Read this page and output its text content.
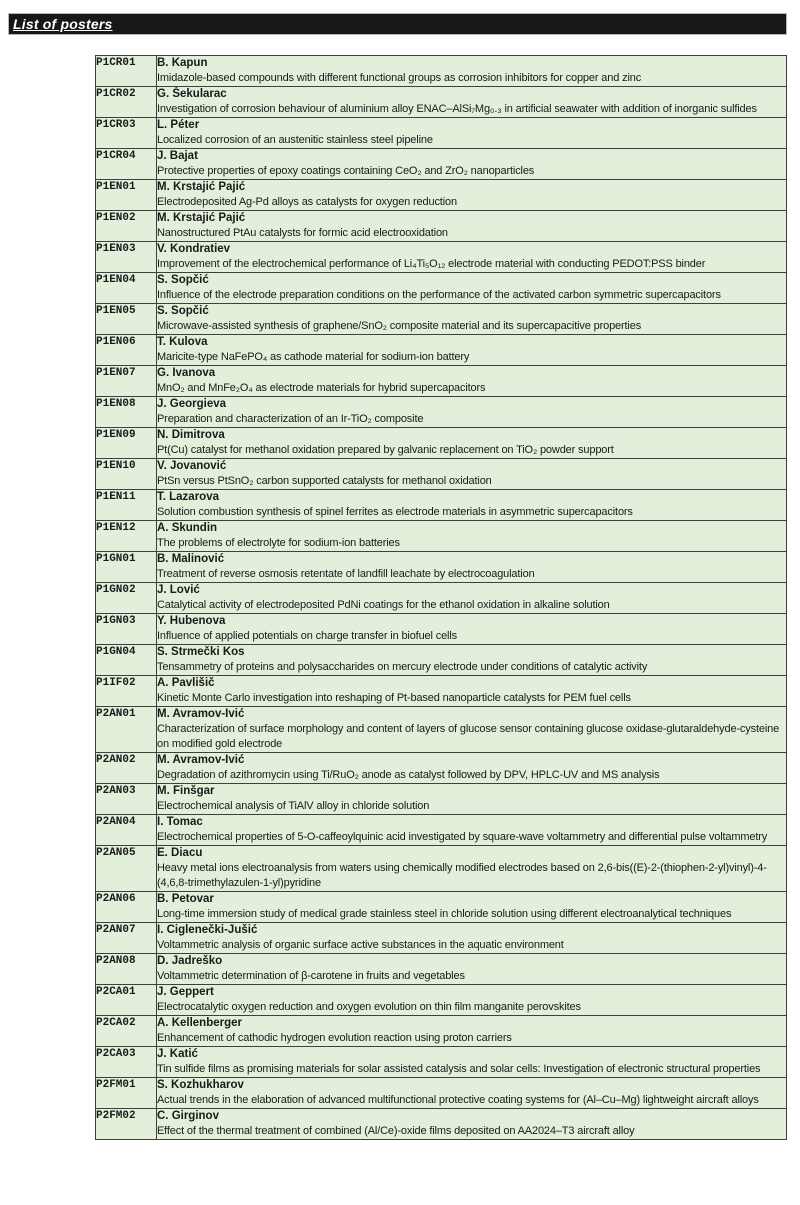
List of posters
P1CR01	B. Kapun
Imidazole-based compounds with different functional groups as corrosion inhibitors for copper and zinc

P1CR02	G. Šekularac
Investigation of corrosion behaviour of aluminium alloy ENAC–AlSi₇Mg₀.₃ in artificial seawater with addition of inorganic sulfides

P1CR03	L. Péter
Localized corrosion of an austenitic stainless steel pipeline

P1CR04	J. Bajat
Protective properties of epoxy coatings containing CeO₂ and ZrO₂ nanoparticles

P1EN01	M. Krstajić Pajić
Electrodeposited Ag-Pd alloys as catalysts for oxygen reduction

P1EN02	M. Krstajić Pajić
Nanostructured PtAu catalysts for formic acid electrooxidation

P1EN03	V. Kondratiev
Improvement of the electrochemical performance of Li₄Ti₅O₁₂ electrode material with conducting PEDOT:PSS binder

P1EN04	S. Sopčić
Influence of the electrode preparation conditions on the performance of the activated carbon symmetric supercapacitors

P1EN05	S. Sopčić
Microwave-assisted synthesis of graphene/SnO₂ composite material and its supercapacitive properties

P1EN06	T. Kulova
Maricite-type NaFePO₄ as cathode material for sodium-ion battery

P1EN07	G. Ivanova
MnO₂ and MnFe₂O₄ as electrode materials for hybrid supercapacitors

P1EN08	J. Georgieva
Preparation and characterization of an Ir-TiO₂ composite

P1EN09	N. Dimitrova
Pt(Cu) catalyst for methanol oxidation prepared by galvanic replacement on TiO₂ powder support

P1EN10	V. Jovanović
PtSn versus PtSnO₂ carbon supported catalysts for methanol oxidation

P1EN11	T. Lazarova
Solution combustion synthesis of spinel ferrites as electrode materials in asymmetric supercapacitors

P1EN12	A. Skundin
The problems of electrolyte for sodium-ion batteries

P1GN01	B. Malinović
Treatment of reverse osmosis retentate of landfill leachate by electrocoagulation

P1GN02	J. Lović
Catalytical activity of electrodeposited PdNi coatings for the ethanol oxidation in alkaline solution

P1GN03	Y. Hubenova
Influence of applied potentials on charge transfer in biofuel cells

P1GN04	S. Strmečki Kos
Tensammetry of proteins and polysaccharides on mercury electrode under conditions of catalytic activity

P1IF02	A. Pavlišič
Kinetic Monte Carlo investigation into reshaping of Pt-based nanoparticle catalysts for PEM fuel cells

P2AN01	M. Avramov-Ivić
Characterization of surface morphology and content of layers of glucose sensor containing glucose oxidase-glutaraldehyde-cysteine on modified gold electrode

P2AN02	M. Avramov-Ivić
Degradation of azithromycin using Ti/RuO₂ anode as catalyst followed by DPV, HPLC-UV and MS analysis

P2AN03	M. Finšgar
Electrochemical analysis of TiAlV alloy in chloride solution

P2AN04	I. Tomac
Electrochemical properties of 5-O-caffeoylquinic acid investigated by square-wave voltammetry and differential pulse voltammetry

P2AN05	E. Diacu
Heavy metal ions electroanalysis from waters using chemically modified electrodes based on 2,6-bis((E)-2-(thiophen-2-yl)vinyl)-4-(4,6,8-trimethylazulen-1-yl)pyridine

P2AN06	B. Petovar
Long-time immersion study of medical grade stainless steel in chloride solution using different electroanalytical techniques

P2AN07	I. Ciglenečki-Jušić
Voltammetric analysis of organic surface active substances in the aquatic environment

P2AN08	D. Jadreško
Voltammetric determination of β-carotene in fruits and vegetables

P2CA01	J. Geppert
Electrocatalytic oxygen reduction and oxygen evolution on thin film manganite perovskites

P2CA02	A. Kellenberger
Enhancement of cathodic hydrogen evolution reaction using proton carriers

P2CA03	J. Katić
Tin sulfide films as promising materials for solar assisted catalysis and solar cells: Investigation of electronic structural properties

P2FM01	S. Kozhukharov
Actual trends in the elaboration of advanced multifunctional protective coating systems for (Al–Cu–Mg) lightweight aircraft alloys

P2FM02	C. Girginov
Effect of the thermal treatment of combined (Al/Ce)-oxide films deposited on AA2024–T3 aircraft alloy
